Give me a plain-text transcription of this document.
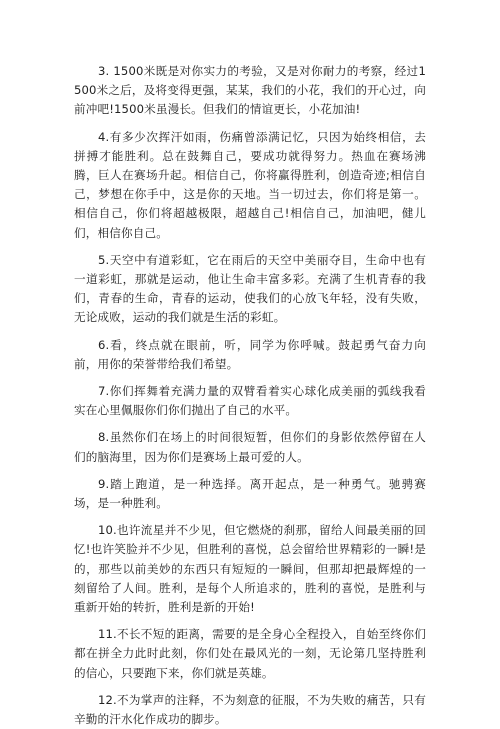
3. 1500米既是对你实力的考验，又是对你耐力的考察，经过1500米之后，及将变得更强，某某，我们的小花，我们的开心过，向前冲吧!1500米虽漫长。但我们的情谊更长，小花加油!

4.有多少次挥汗如雨，伤痛曾添满记忆，只因为始终相信，去拼搏才能胜利。总在鼓舞自己，要成功就得努力。热血在赛场沸腾，巨人在赛场升起。相信自己，你将赢得胜利，创造奇迹;相信自己，梦想在你手中，这是你的天地。当一切过去，你们将是第一。相信自己，你们将超越极限，超越自己!相信自己，加油吧，健儿们，相信你自己。

5.天空中有道彩虹，它在雨后的天空中美丽夺目，生命中也有一道彩虹，那就是运动，他让生命丰富多彩。充满了生机青春的我们，青春的生命，青春的运动，使我们的心放飞年轻，没有失败，无论成败，运动的我们就是生活的彩虹。

6.看，终点就在眼前，听，同学为你呼喊。鼓起勇气奋力向前，用你的荣誉带给我们希望。

7.你们挥舞着充满力量的双臂看着实心球化成美丽的弧线我看实在心里佩服你们你们抛出了自己的水平。

8.虽然你们在场上的时间很短暂，但你们的身影依然停留在人们的脑海里，因为你们是赛场上最可爱的人。

9.踏上跑道，是一种选择。离开起点，是一种勇气。驰骋赛场，是一种胜利。

10.也许流星并不少见，但它燃烧的刹那，留给人间最美丽的回忆!也许笑脸并不少见，但胜利的喜悦，总会留给世界精彩的一瞬!是的，那些以前美妙的东西只有短短的一瞬间，但那却把最辉煌的一刻留给了人间。胜利，是每个人所追求的，胜利的喜悦，是胜利与重新开始的转折，胜利是新的开始!

11.不长不短的距离，需要的是全身心全程投入，自始至终你们都在拼全力此时此刻，你们处在最风光的一刻，无论第几坚持胜利的信心，只要跑下来，你们就是英雄。

12.不为掌声的注释，不为刻意的征服，不为失败的痛苦，只有辛勤的汗水化作成功的脚步。
